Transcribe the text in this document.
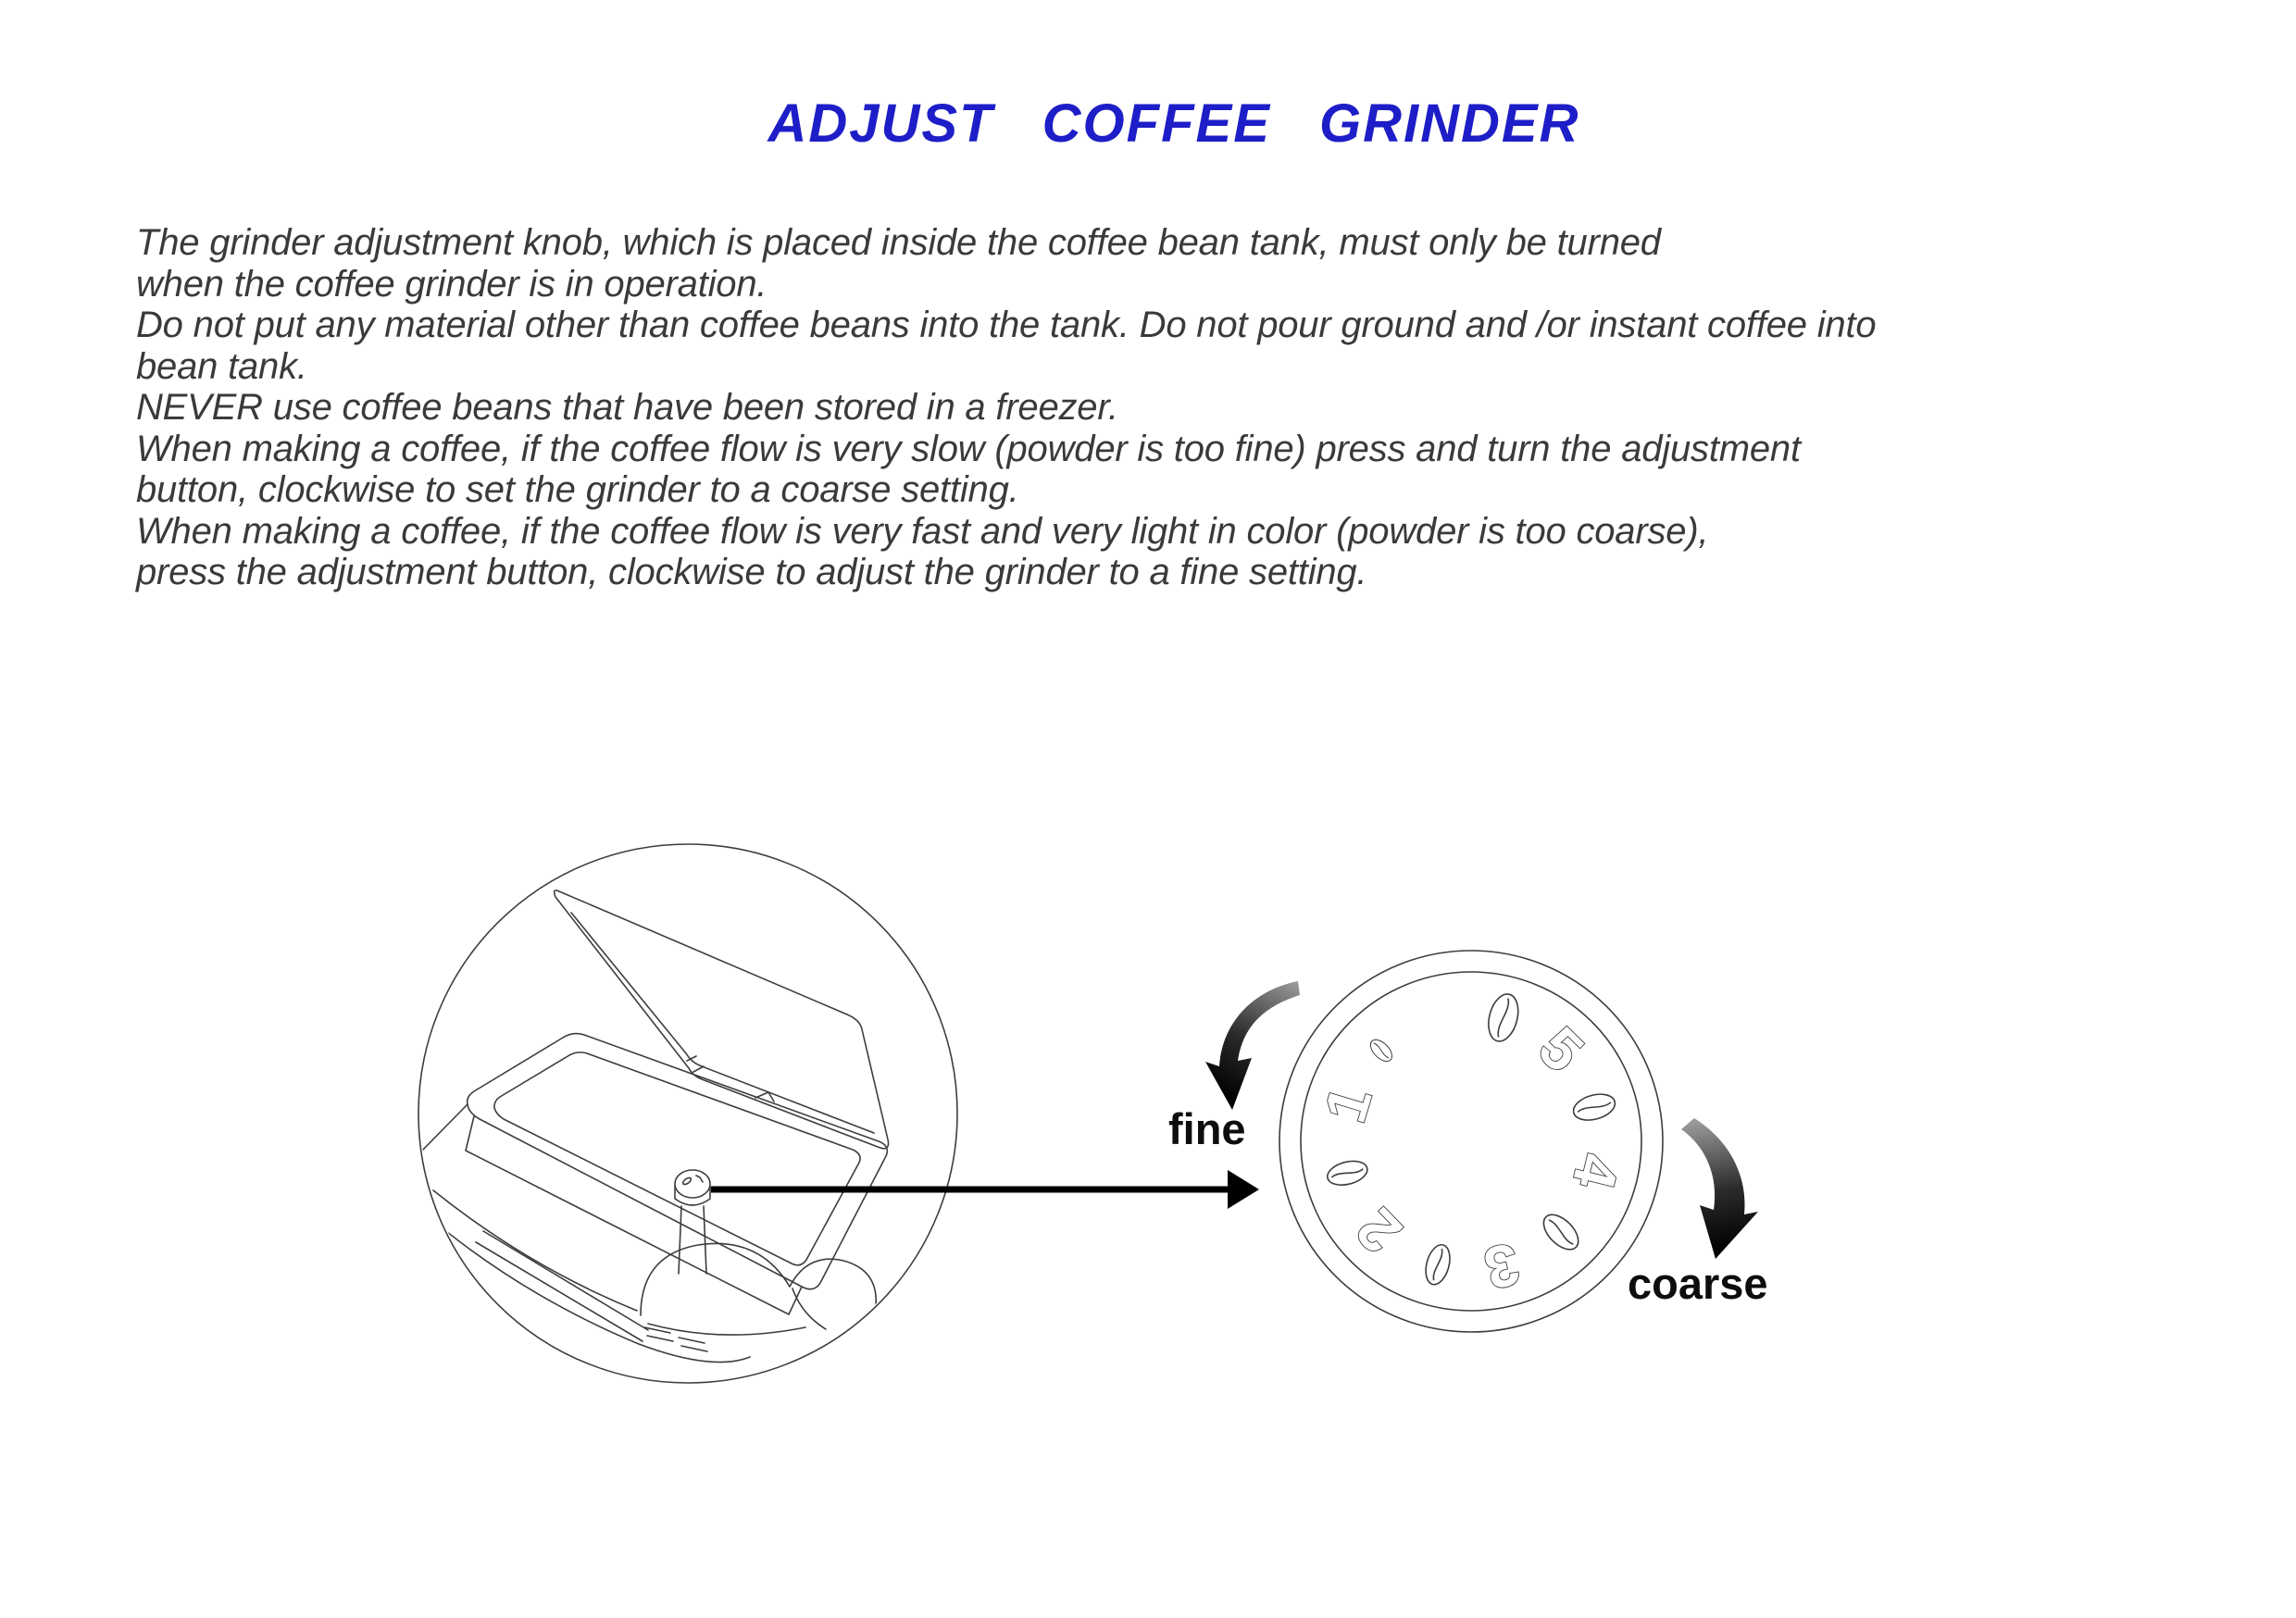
ADJUST COFFEE GRINDER
The grinder adjustment knob, which is placed inside the coffee bean tank, must only be turned
when the coffee grinder is in operation.
Do not put any material other than coffee beans into the tank. Do not pour ground and /or instant coffee into
bean tank.
NEVER use coffee beans that have been stored in a freezer.
When making a coffee, if the coffee flow is very slow (powder is too fine) press and turn the adjustment
button, clockwise to set the grinder to a coarse setting.
When making a coffee, if the coffee flow is very fast and very light in color (powder is too coarse),
press the adjustment button, clockwise to adjust the grinder to a fine setting.
1
2 3
4
5
fine
coarse
